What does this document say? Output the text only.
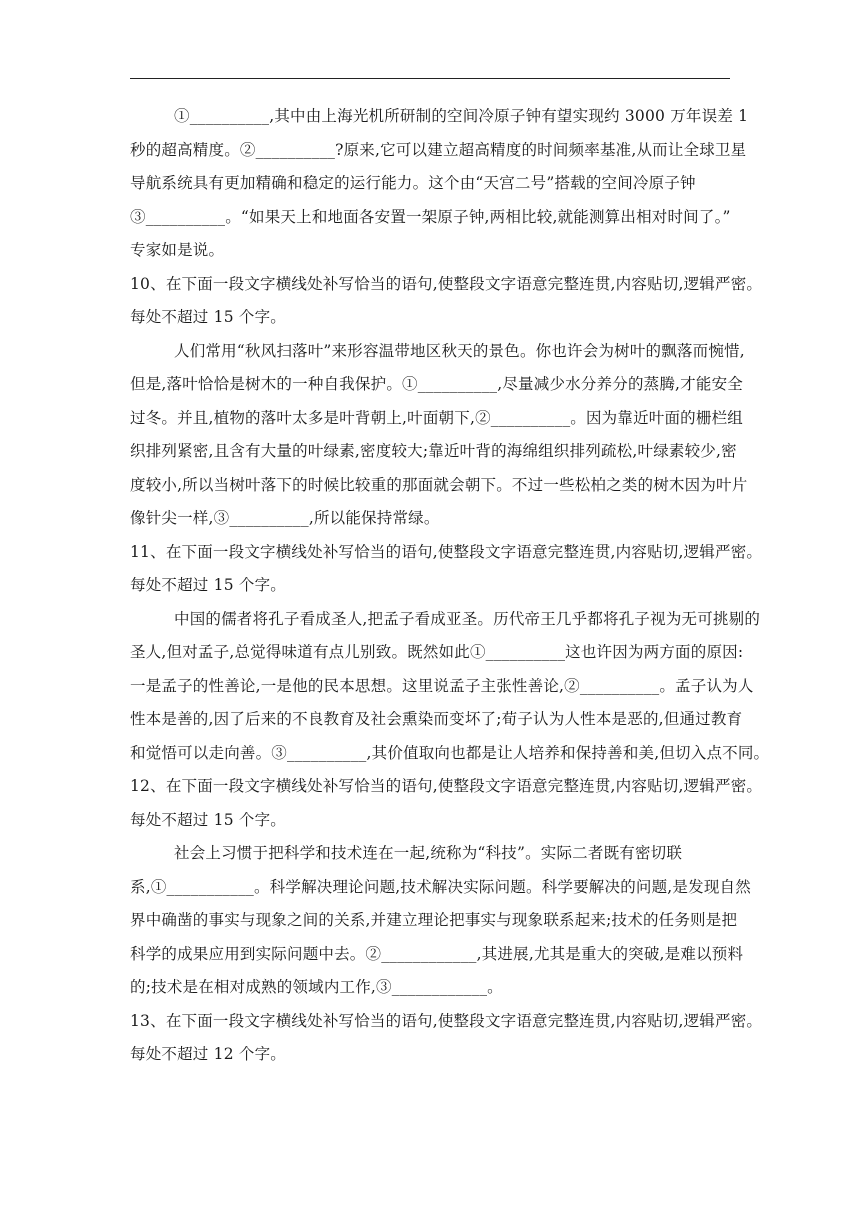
①__________,其中由上海光机所研制的空间冷原子钟有望实现约 3000 万年误差 1
秒的超高精度。②__________?原来,它可以建立超高精度的时间频率基准,从而让全球卫星
导航系统具有更加精确和稳定的运行能力。这个由“天宫二号”搭载的空间冷原子钟
③__________。“如果天上和地面各安置一架原子钟,两相比较,就能测算出相对时间了。”
专家如是说。
10、在下面一段文字横线处补写恰当的语句,使整段文字语意完整连贯,内容贴切,逻辑严密。
每处不超过 15 个字。
人们常用“秋风扫落叶”来形容温带地区秋天的景色。你也许会为树叶的飘落而惋惜,
但是,落叶恰恰是树木的一种自我保护。①__________,尽量减少水分养分的蒸腾,才能安全
过冬。并且,植物的落叶太多是叶背朝上,叶面朝下,②__________。因为靠近叶面的栅栏组
织排列紧密,且含有大量的叶绿素,密度较大;靠近叶背的海绵组织排列疏松,叶绿素较少,密
度较小,所以当树叶落下的时候比较重的那面就会朝下。不过一些松柏之类的树木因为叶片
像针尖一样,③__________,所以能保持常绿。
11、在下面一段文字横线处补写恰当的语句,使整段文字语意完整连贯,内容贴切,逻辑严密。
每处不超过 15 个字。
中国的儒者将孔子看成圣人,把孟子看成亚圣。历代帝王几乎都将孔子视为无可挑剔的
圣人,但对孟子,总觉得味道有点儿别致。既然如此①__________这也许因为两方面的原因:
一是孟子的性善论,一是他的民本思想。这里说孟子主张性善论,②__________。孟子认为人
性本是善的,因了后来的不良教育及社会熏染而变坏了;荀子认为人性本是恶的,但通过教育
和觉悟可以走向善。③__________,其价值取向也都是让人培养和保持善和美,但切入点不同。
12、在下面一段文字横线处补写恰当的语句,使整段文字语意完整连贯,内容贴切,逻辑严密。
每处不超过 15 个字。
社会上习惯于把科学和技术连在一起,统称为“科技”。实际二者既有密切联
系,①___________。科学解决理论问题,技术解决实际问题。科学要解决的问题,是发现自然
界中确凿的事实与现象之间的关系,并建立理论把事实与现象联系起来;技术的任务则是把
科学的成果应用到实际问题中去。②____________,其进展,尤其是重大的突破,是难以预料
的;技术是在相对成熟的领域内工作,③____________。
13、在下面一段文字横线处补写恰当的语句,使整段文字语意完整连贯,内容贴切,逻辑严密。
每处不超过 12 个字。
